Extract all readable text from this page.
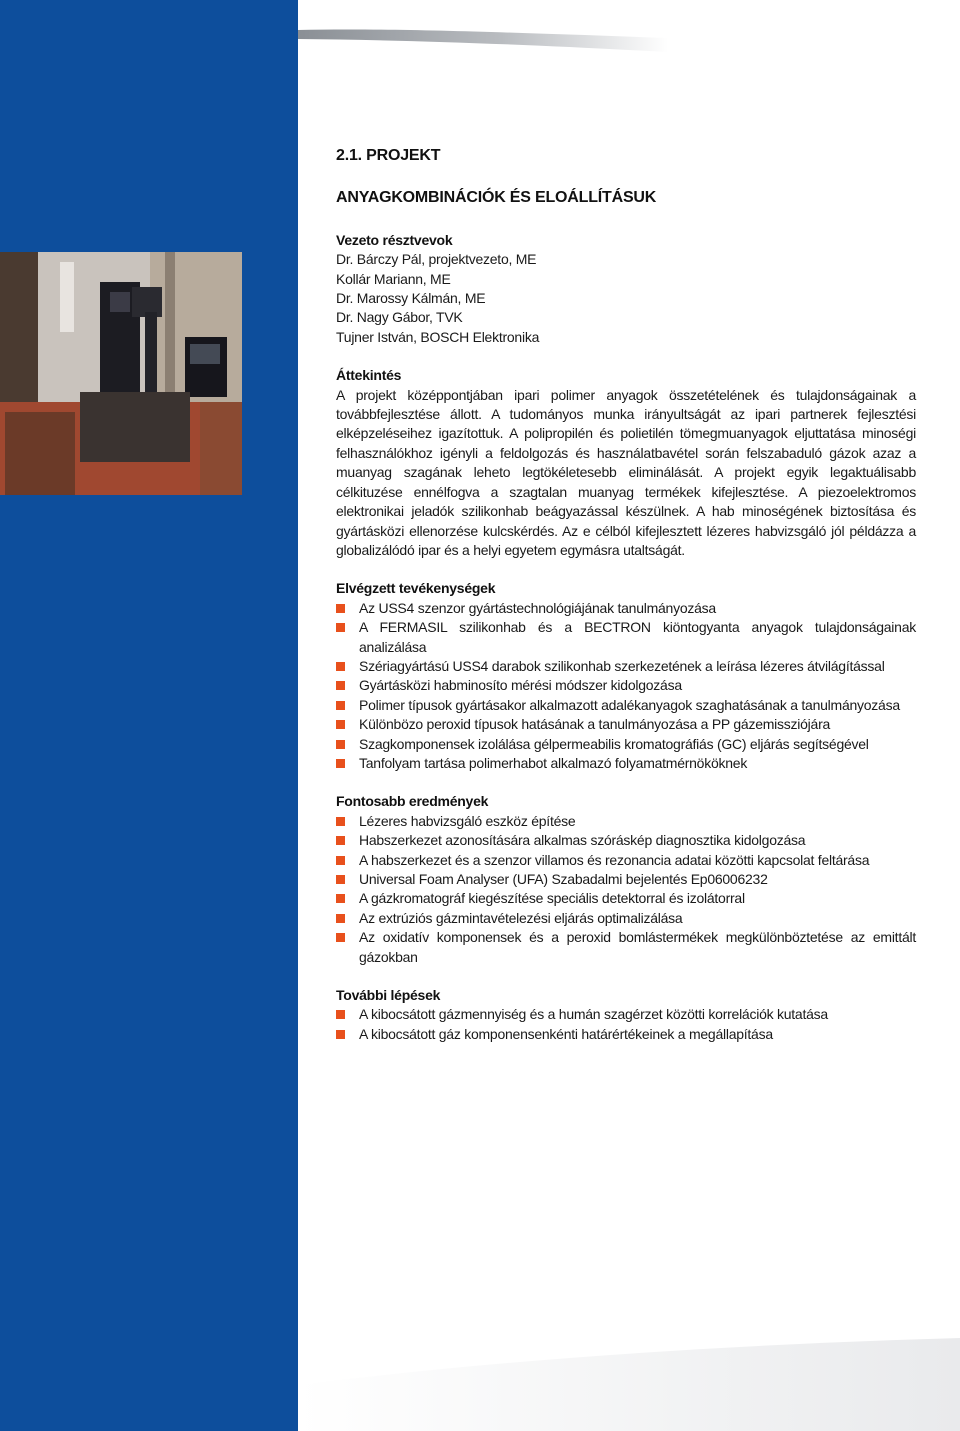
2.1. PROJEKT

ANYAGKOMBINÁCIÓK ÉS ELOÁLLÍTÁSUK

Vezeto résztvevok

Dr. Bárczy Pál, projektvezeto, ME

Kollár Mariann, ME

Dr. Marossy Kálmán, ME

Dr. Nagy Gábor, TVK

Tujner István, BOSCH Elektronika

Áttekintés

A projekt középpontjában ipari polimer anyagok összetételének és tulajdonságainak a továbbfejlesztése állott. A tudományos munka irányultságát az ipari partnerek fejlesztési elképzeléseihez igazítottuk. A polipropilén és polietilén tömegmuanyagok eljuttatása minoségi felhasználókhoz igényli a feldolgozás és használatbavétel során felszabaduló gázok azaz a muanyag szagának leheto legtökéletesebb eliminálását. A projekt egyik legaktuálisabb célkituzése ennélfogva a szagtalan muanyag termékek kifejlesztése. A piezoelektromos elektronikai jeladók szilikonhab beágyazással készülnek. A hab minoségének biztosítása és gyártásközi ellenorzése kulcskérdés. Az e célból kifejlesztett lézeres habvizsgáló jól példázza a globalizálódó ipar és a helyi egyetem egymásra utaltságát.

Elvégzett tevékenységek

Az USS4 szenzor gyártástechnológiájának tanulmányozása
A FERMASIL szilikonhab és a BECTRON kiöntogyanta anyagok tulajdonságainak analizálása
Szériagyártású USS4 darabok szilikonhab szerkezetének a leírása lézeres átvilágítással
Gyártásközi habminosíto mérési módszer kidolgozása
Polimer típusok gyártásakor alkalmazott adalékanyagok szaghatásának a tanulmányozása
Különbözo peroxid típusok hatásának a tanulmányozása a PP gázemissziójára
Szagkomponensek izolálása gélpermeabilis kromatográfiás (GC) eljárás segítségével
Tanfolyam tartása polimerhabot alkalmazó folyamatmérnököknek

Fontosabb eredmények

Lézeres habvizsgáló eszköz építése
Habszerkezet azonosítására alkalmas szóráskép diagnosztika kidolgozása
A habszerkezet és a szenzor villamos és rezonancia adatai közötti kapcsolat feltárása
Universal Foam Analyser (UFA) Szabadalmi bejelentés Ep06006232
A gázkromatográf kiegészítése speciális detektorral és izolátorral
Az extrúziós gázmintavételezési eljárás optimalizálása
Az oxidatív komponensek és a peroxid bomlástermékek megkülönböztetése az emittált gázokban

További lépések

A kibocsátott gázmennyiség és a humán szagérzet közötti korrelációk kutatása
A kibocsátott gáz komponensenkénti határértékeinek a megállapítása
